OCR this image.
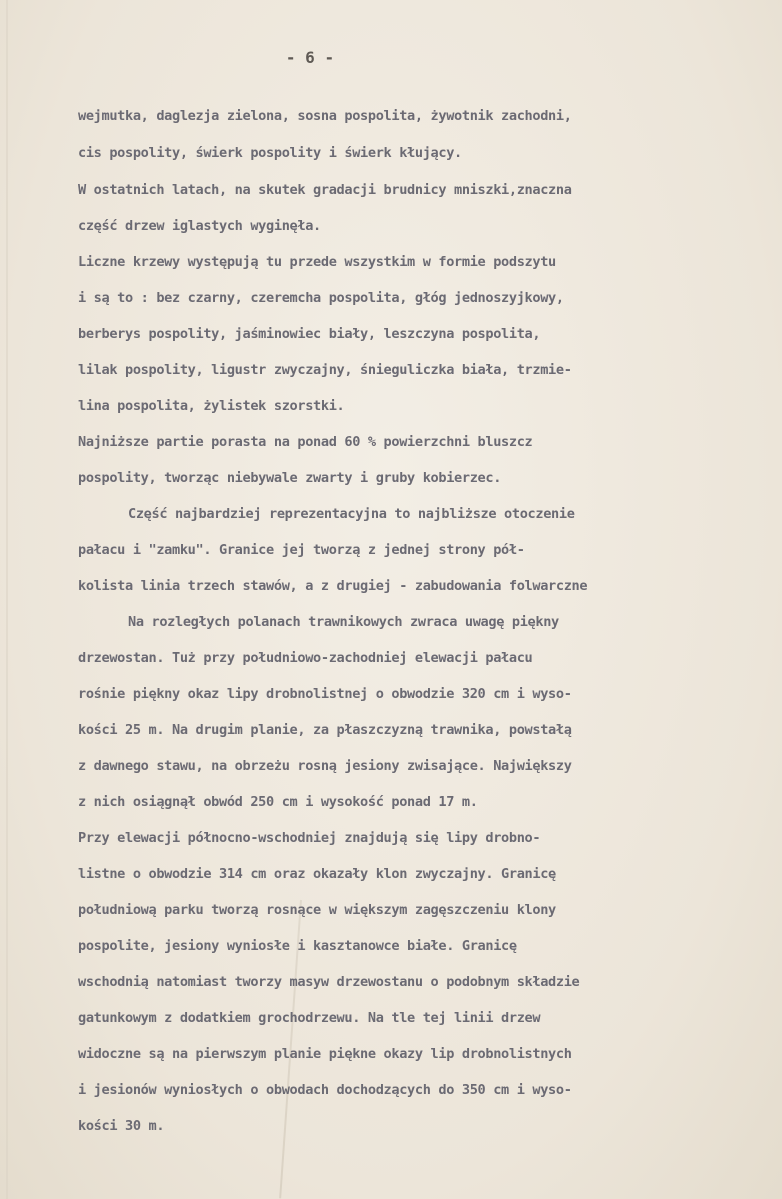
- 6 -
wejmutka, daglezja zielona, sosna pospolita, żywotnik zachodni,
cis pospolity, świerk pospolity i świerk kłujący.
W ostatnich latach, na skutek gradacji brudnicy mniszki,znaczna
część drzew iglastych wyginęła.
Liczne krzewy występują tu przede wszystkim w formie podszytu
i są to : bez czarny, czeremcha pospolita, głóg jednoszyjkowy,
berberys pospolity, jaśminowiec biały, leszczyna pospolita,
lilak pospolity, ligustr zwyczajny, śnieguliczka biała, trzmie-
lina pospolita, żylistek szorstki.
Najniższe partie porasta na ponad 60 % powierzchni bluszcz
pospolity, tworząc niebywale zwarty i gruby kobierzec.
Część najbardziej reprezentacyjna to najbliższe otoczenie
pałacu i "zamku". Granice jej tworzą z jednej strony pół-
kolista linia trzech stawów, a z drugiej - zabudowania folwarczne
Na rozległych polanach trawnikowych zwraca uwagę piękny
drzewostan. Tuż przy południowo-zachodniej elewacji pałacu
rośnie piękny okaz lipy drobnolistnej o obwodzie 320 cm i wyso-
kości 25 m. Na drugim planie, za płaszczyzną trawnika, powstałą
z dawnego stawu, na obrzeżu rosną jesiony zwisające. Największy
z nich osiągnął obwód 250 cm i wysokość ponad 17 m.
Przy elewacji północno-wschodniej znajdują się lipy drobno-
listne o obwodzie 314 cm oraz okazały klon zwyczajny. Granicę
południową parku tworzą rosnące w większym zagęszczeniu klony
pospolite, jesiony wyniosłe i kasztanowce białe. Granicę
wschodnią natomiast tworzy masyw drzewostanu o podobnym składzie
gatunkowym z dodatkiem grochodrzewu. Na tle tej linii drzew
widoczne są na pierwszym planie piękne okazy lip drobnolistnych
i jesionów wyniosłych o obwodach dochodzących do 350 cm i wyso-
kości 30 m.
